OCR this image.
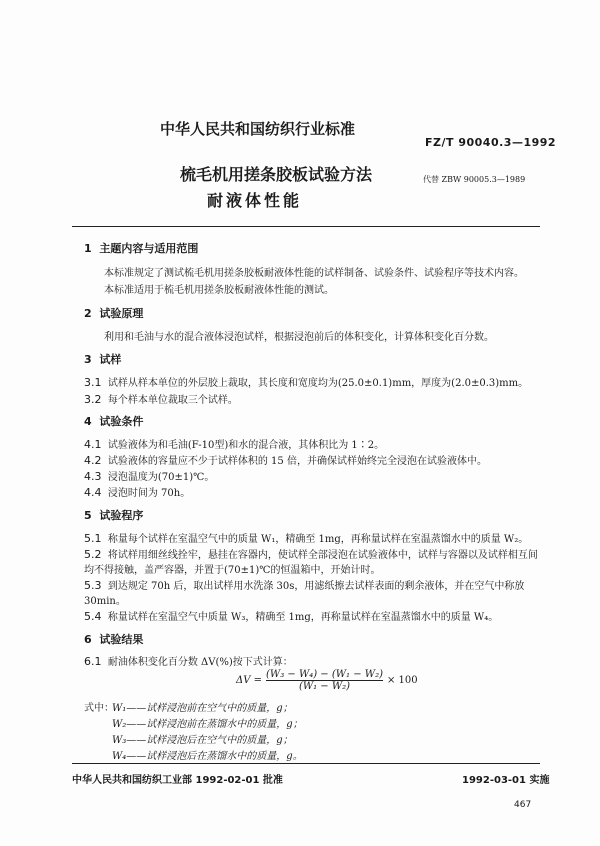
中华人民共和国纺织行业标准
FZ/T 90040.3—1992
梳毛机用搓条胶板试验方法
耐液体性能
代替 ZBW 90005.3—1989
1 主题内容与适用范围
本标准规定了测试梳毛机用搓条胶板耐液体性能的试样制备、试验条件、试验程序等技术内容。
本标准适用于梳毛机用搓条胶板耐液体性能的测试。
2 试验原理
利用和毛油与水的混合液体浸泡试样，根据浸泡前后的体积变化，计算体积变化百分数。
3 试样
3.1 试样从样本单位的外层胶上裁取，其长度和宽度均为(25.0±0.1)mm，厚度为(2.0±0.3)mm。
3.2 每个样本单位裁取三个试样。
4 试验条件
4.1 试验液体为和毛油(F-10型)和水的混合液，其体积比为 1∶2。
4.2 试验液体的容量应不少于试样体积的 15 倍，并确保试样始终完全浸泡在试验液体中。
4.3 浸泡温度为(70±1)℃。
4.4 浸泡时间为 70h。
5 试验程序
5.1 称量每个试样在室温空气中的质量 W₁，精确至 1mg，再称量试样在室温蒸馏水中的质量 W₂。
5.2 将试样用细丝线拴牢，悬挂在容器内，使试样全部浸泡在试验液体中，试样与容器以及试样相互间
均不得接触，盖严容器，并置于(70±1)℃的恒温箱中，开始计时。
5.3 到达规定 70h 后，取出试样用水洗涤 30s，用滤纸擦去试样表面的剩余液体，并在空气中称放
30min。
5.4 称量试样在室温空气中质量 W₃，精确至 1mg，再称量试样在室温蒸馏水中的质量 W₄。
6 试验结果
6.1 耐油体积变化百分数 ΔV(%)按下式计算：
$\Delta V = \frac{\text{(W₃ − W₄) − (W₁ − W₂)}}{\text{(W₁ − W₂)}} \times 100$
式中：
W₁——试样浸泡前在空气中的质量，g；
W₂——试样浸泡前在蒸馏水中的质量，g；
W₃——试样浸泡后在空气中的质量，g；
W₄——试样浸泡后在蒸馏水中的质量，g。
中华人民共和国纺织工业部 1992-02-01 批准	1992-03-01 实施
467
